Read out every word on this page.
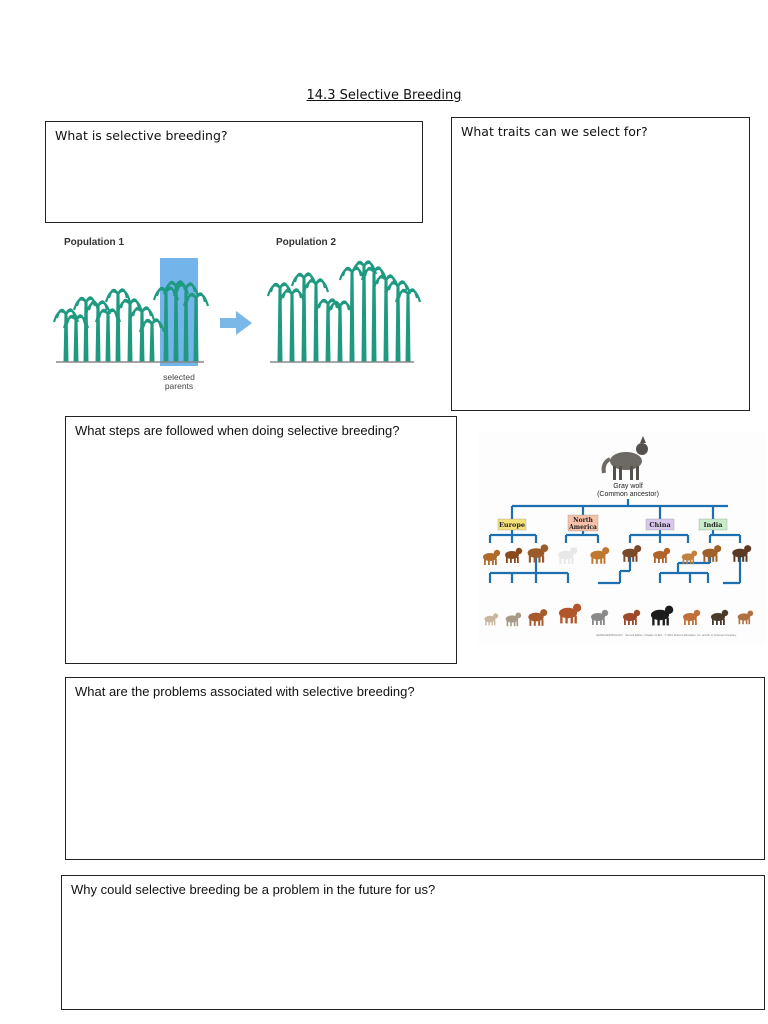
14.3 Selective Breeding
What is selective breeding?	What traits can we select for?
Population 1	Population 2
selected
parents
What steps are followed when doing selective breeding?
Gray wolf
(Common ancestor)
Europe
North
America	China	India
GENSCHER BIOLOGY · Second Edition, Chapter 21 Box · © 2012 Pearson Education, Inc. and W. H. Freeman Company
What are the problems associated with selective breeding?
Why could selective breeding be a problem in the future for us?
